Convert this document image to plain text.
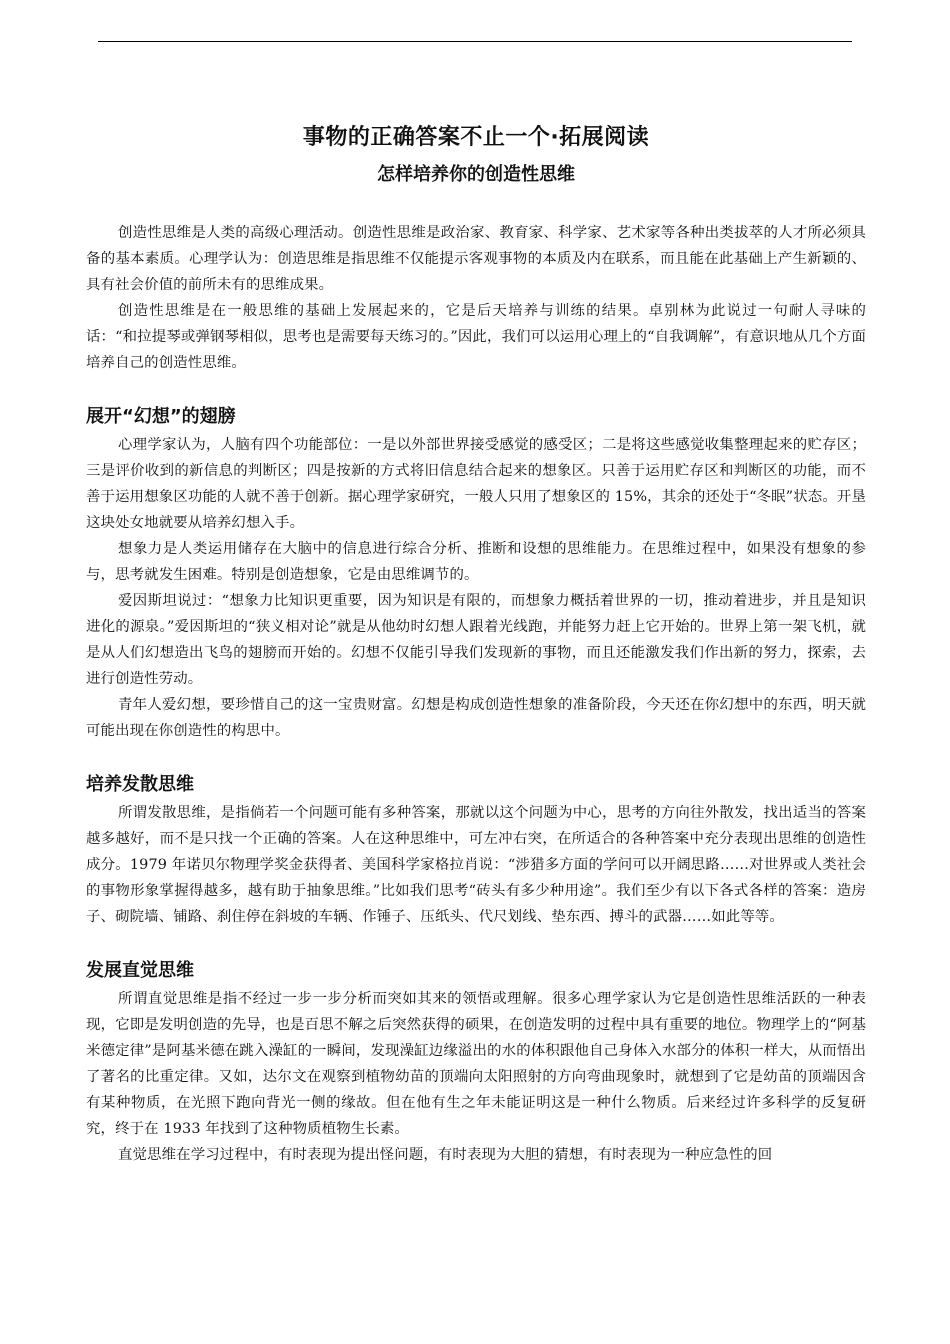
事物的正确答案不止一个·拓展阅读
怎样培养你的创造性思维

创造性思维是人类的高级心理活动。创造性思维是政治家、教育家、科学家、艺术家等各种出类拔萃的人才所必须具备的基本素质。心理学认为：创造思维是指思维不仅能提示客观事物的本质及内在联系，而且能在此基础上产生新颖的、具有社会价值的前所未有的思维成果。

创造性思维是在一般思维的基础上发展起来的，它是后天培养与训练的结果。卓别林为此说过一句耐人寻味的话：“和拉提琴或弹钢琴相似，思考也是需要每天练习的。”因此，我们可以运用心理上的“自我调解”，有意识地从几个方面培养自己的创造性思维。

展开“幻想”的翅膀

心理学家认为，人脑有四个功能部位：一是以外部世界接受感觉的感受区；二是将这些感觉收集整理起来的贮存区；三是评价收到的新信息的判断区；四是按新的方式将旧信息结合起来的想象区。只善于运用贮存区和判断区的功能，而不善于运用想象区功能的人就不善于创新。据心理学家研究，一般人只用了想象区的 15%，其余的还处于“冬眠”状态。开垦这块处女地就要从培养幻想入手。

想象力是人类运用储存在大脑中的信息进行综合分析、推断和设想的思维能力。在思维过程中，如果没有想象的参与，思考就发生困难。特别是创造想象，它是由思维调节的。

爱因斯坦说过：“想象力比知识更重要，因为知识是有限的，而想象力概括着世界的一切，推动着进步，并且是知识进化的源泉。”爱因斯坦的“狭义相对论”就是从他幼时幻想人跟着光线跑，并能努力赶上它开始的。世界上第一架飞机，就是从人们幻想造出飞鸟的翅膀而开始的。幻想不仅能引导我们发现新的事物，而且还能激发我们作出新的努力，探索，去进行创造性劳动。

青年人爱幻想，要珍惜自己的这一宝贵财富。幻想是构成创造性想象的准备阶段，今天还在你幻想中的东西，明天就可能出现在你创造性的构思中。

培养发散思维

所谓发散思维，是指倘若一个问题可能有多种答案，那就以这个问题为中心，思考的方向往外散发，找出适当的答案越多越好，而不是只找一个正确的答案。人在这种思维中，可左冲右突，在所适合的各种答案中充分表现出思维的创造性成分。1979 年诺贝尔物理学奖金获得者、美国科学家格拉肖说：“涉猎多方面的学问可以开阔思路……对世界或人类社会的事物形象掌握得越多，越有助于抽象思维。”比如我们思考“砖头有多少种用途”。我们至少有以下各式各样的答案：造房子、砌院墙、铺路、刹住停在斜坡的车辆、作锤子、压纸头、代尺划线、垫东西、搏斗的武器……如此等等。

发展直觉思维

所谓直觉思维是指不经过一步一步分析而突如其来的领悟或理解。很多心理学家认为它是创造性思维活跃的一种表现，它即是发明创造的先导，也是百思不解之后突然获得的硕果，在创造发明的过程中具有重要的地位。物理学上的“阿基米德定律”是阿基米德在跳入澡缸的一瞬间，发现澡缸边缘溢出的水的体积跟他自己身体入水部分的体积一样大，从而悟出了著名的比重定律。又如，达尔文在观察到植物幼苗的顶端向太阳照射的方向弯曲现象时，就想到了它是幼苗的顶端因含有某种物质，在光照下跑向背光一侧的缘故。但在他有生之年未能证明这是一种什么物质。后来经过许多科学的反复研究，终于在 1933 年找到了这种物质植物生长素。

直觉思维在学习过程中，有时表现为提出怪问题，有时表现为大胆的猜想，有时表现为一种应急性的回
